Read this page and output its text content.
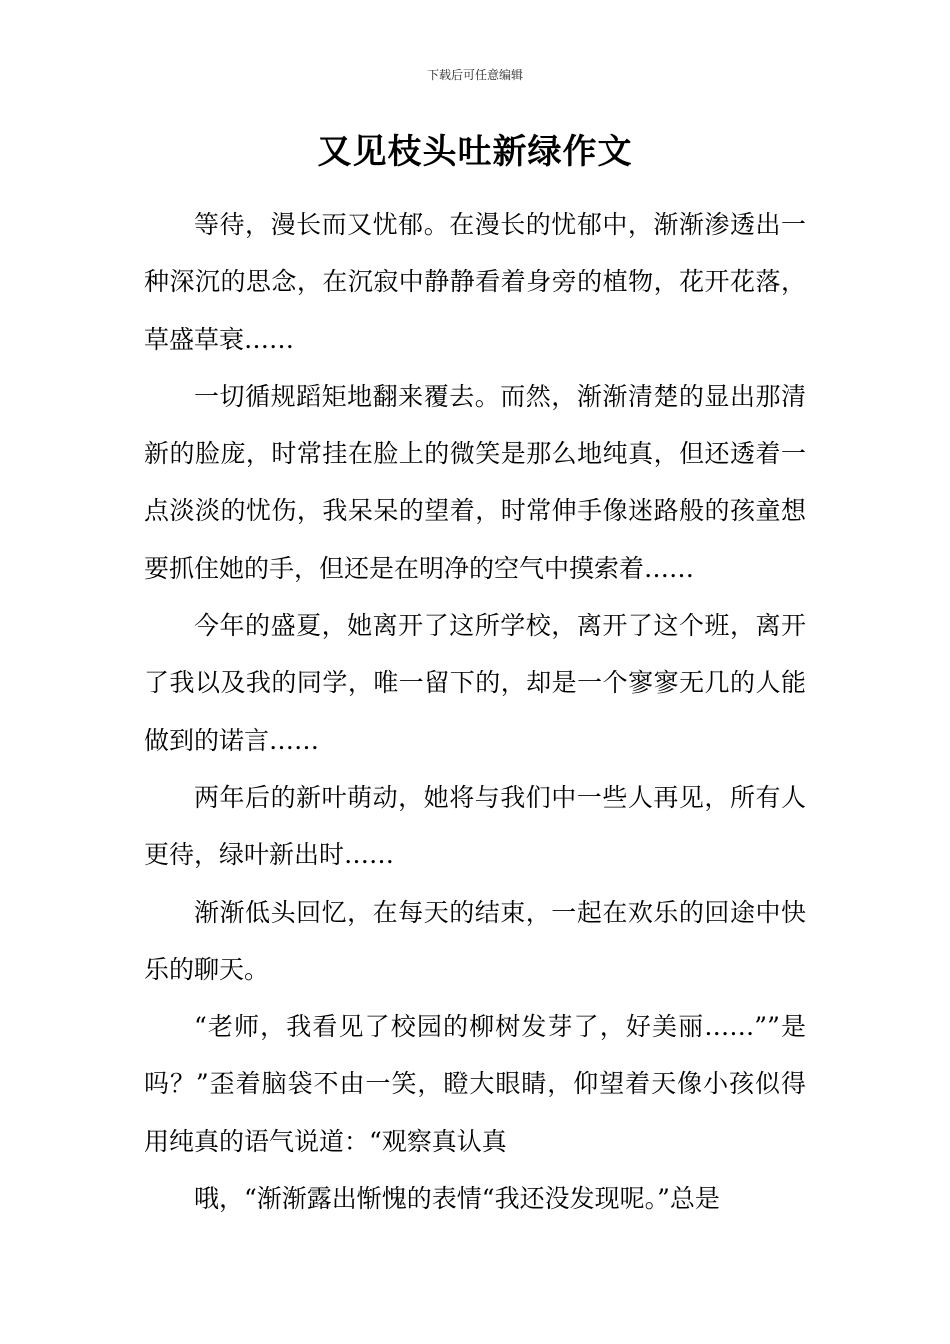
下载后可任意编辑
又见枝头吐新绿作文

等待，漫长而又忧郁。在漫长的忧郁中，渐渐渗透出一种深沉的思念，在沉寂中静静看着身旁的植物，花开花落，草盛草衰……

一切循规蹈矩地翻来覆去。而然，渐渐清楚的显出那清新的脸庞，时常挂在脸上的微笑是那么地纯真，但还透着一点淡淡的忧伤，我呆呆的望着，时常伸手像迷路般的孩童想要抓住她的手，但还是在明净的空气中摸索着……

今年的盛夏，她离开了这所学校，离开了这个班，离开了我以及我的同学，唯一留下的，却是一个寥寥无几的人能做到的诺言……

两年后的新叶萌动，她将与我们中一些人再见，所有人更待，绿叶新出时……

渐渐低头回忆，在每天的结束，一起在欢乐的回途中快乐的聊天。

“老师，我看见了校园的柳树发芽了，好美丽……””是吗？”歪着脑袋不由一笑，瞪大眼睛，仰望着天像小孩似得用纯真的语气说道：“观察真认真

哦，“渐渐露出惭愧的表情“我还没发现呢。”总是
